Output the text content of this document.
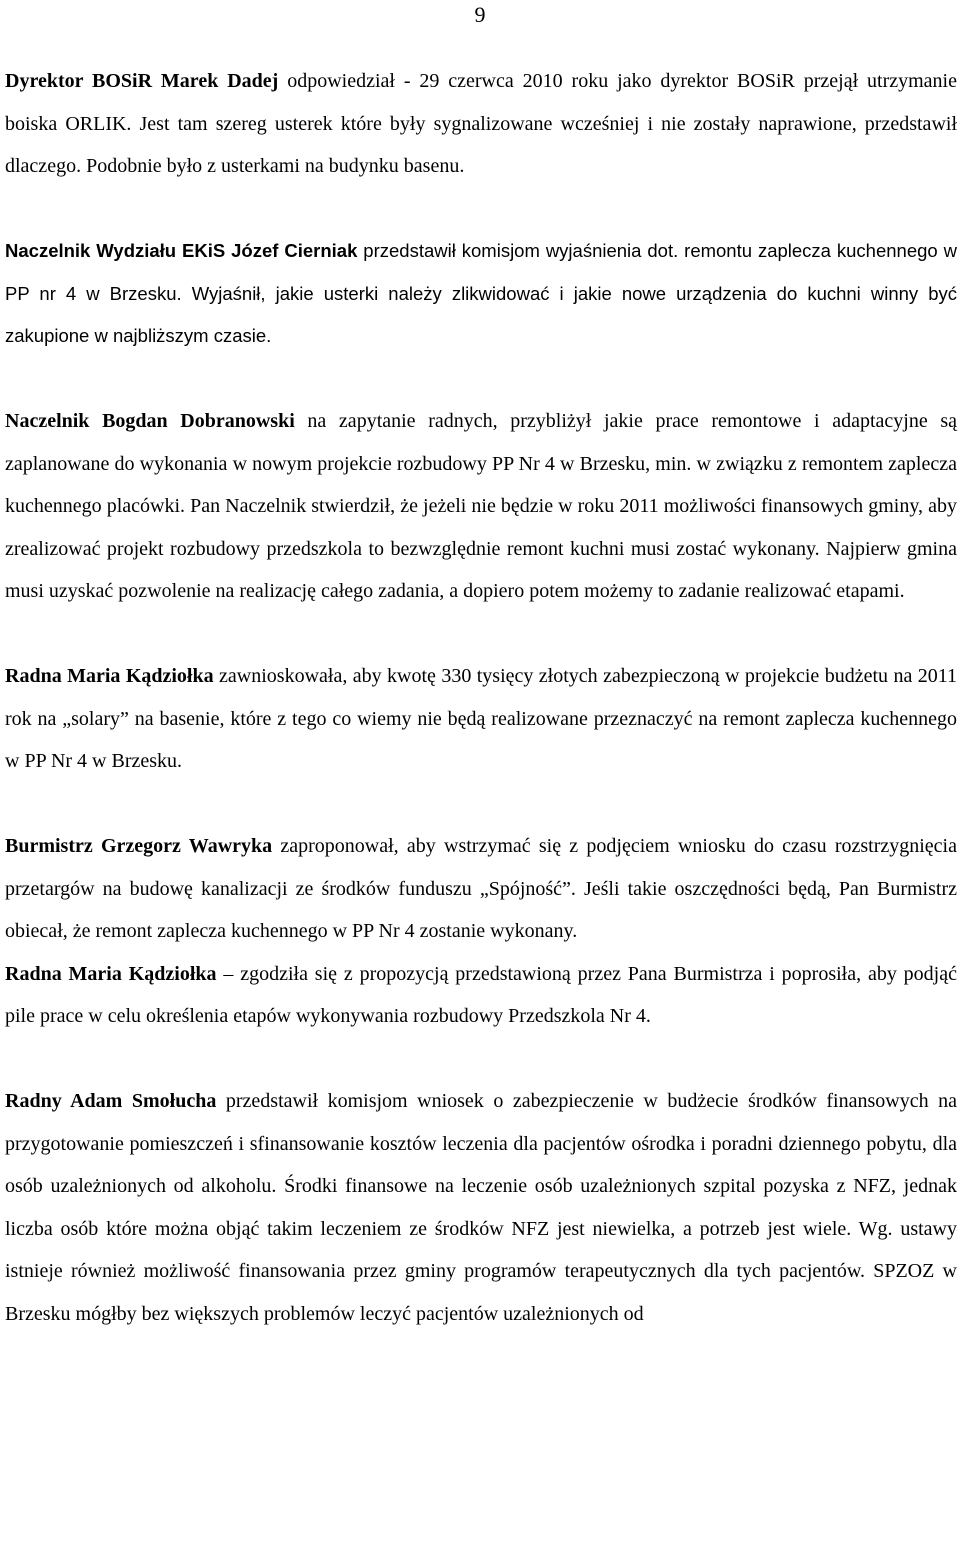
9

Dyrektor BOSiR Marek Dadej odpowiedział - 29 czerwca 2010 roku jako dyrektor BOSiR przejął utrzymanie boiska ORLIK. Jest tam szereg usterek które były sygnalizowane wcześniej i nie zostały naprawione, przedstawił dlaczego. Podobnie było z usterkami na budynku basenu.

Naczelnik Wydziału EKiS Józef Cierniak przedstawił komisjom wyjaśnienia dot. remontu zaplecza kuchennego w PP nr 4 w Brzesku. Wyjaśnił, jakie usterki należy zlikwidować i jakie nowe urządzenia do kuchni winny być zakupione w najbliższym czasie.

Naczelnik Bogdan Dobranowski na zapytanie radnych, przybliżył jakie prace remontowe i adaptacyjne są zaplanowane do wykonania w nowym projekcie rozbudowy PP Nr 4 w Brzesku, min. w związku z remontem zaplecza kuchennego placówki. Pan Naczelnik stwierdził, że jeżeli nie będzie w roku 2011 możliwości finansowych gminy, aby zrealizować projekt rozbudowy przedszkola to bezwzględnie remont kuchni musi zostać wykonany. Najpierw gmina musi uzyskać pozwolenie na realizację całego zadania, a dopiero potem możemy to zadanie realizować etapami.

Radna Maria Kądziołka zawnioskowała, aby kwotę 330 tysięcy złotych zabezpieczoną w projekcie budżetu na 2011 rok na „solary” na basenie, które z tego co wiemy nie będą realizowane przeznaczyć na remont zaplecza kuchennego w PP Nr 4 w Brzesku.

Burmistrz Grzegorz Wawryka zaproponował, aby wstrzymać się z podjęciem wniosku do czasu rozstrzygnięcia przetargów na budowę kanalizacji ze środków funduszu „Spójność”. Jeśli takie oszczędności będą, Pan Burmistrz obiecał, że remont zaplecza kuchennego w PP Nr 4 zostanie wykonany.

Radna Maria Kądziołka – zgodziła się z propozycją przedstawioną przez Pana Burmistrza i poprosiła, aby podjąć pile prace w celu określenia etapów wykonywania rozbudowy Przedszkola Nr 4.

Radny Adam Smołucha przedstawił komisjom wniosek o zabezpieczenie w budżecie środków finansowych na przygotowanie pomieszczeń i sfinansowanie kosztów leczenia dla pacjentów ośrodka i poradni dziennego pobytu, dla osób uzależnionych od alkoholu. Środki finansowe na leczenie osób uzależnionych szpital pozyska z NFZ, jednak liczba osób które można objąć takim leczeniem ze środków NFZ jest niewielka, a potrzeb jest wiele. Wg. ustawy istnieje również możliwość finansowania przez gminy programów terapeutycznych dla tych pacjentów. SPZOZ w Brzesku mógłby bez większych problemów leczyć pacjentów uzależnionych od
